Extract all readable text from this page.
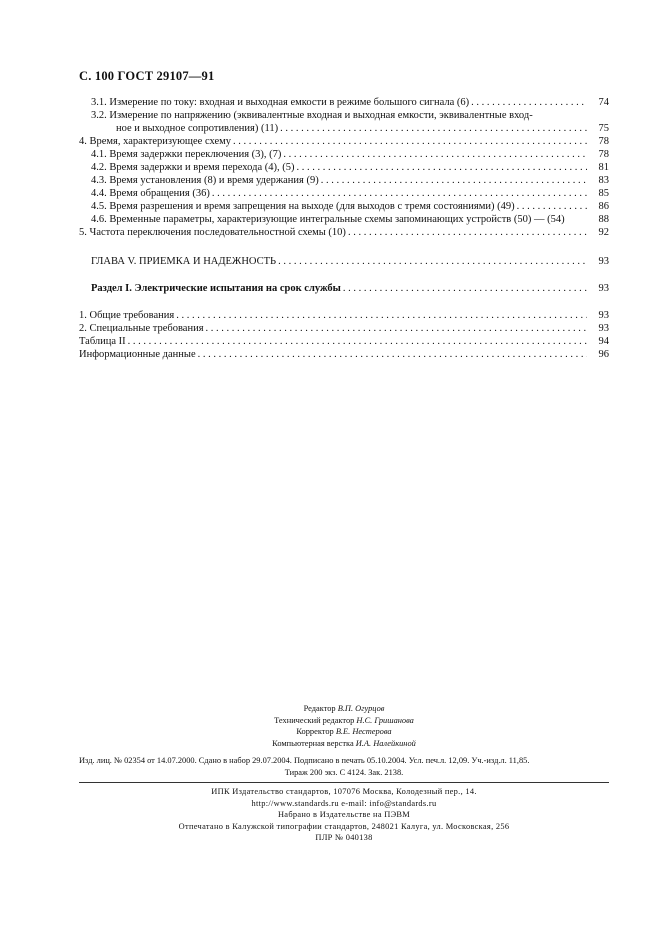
С. 100 ГОСТ 29107—91
3.1. Измерение по току: входная и выходная емкости в режиме большого сигнала (6) . . .	74
3.2. Измерение по напряжению (эквивалентные входная и выходная емкости, эквивалентные вход-
ное и выходное сопротивления) (11) . . .	75
4. Время, характеризующее схему . . .	78
4.1. Время задержки переключения (3), (7) . . .	78
4.2. Время задержки и время перехода (4), (5) . . .	81
4.3. Время установления (8) и время удержания (9) . . .	83
4.4. Время обращения (36) . . .	85
4.5. Время разрешения и время запрещения на выходе (для выходов с тремя состояниями) (49) . . .	86
4.6. Временные параметры, характеризующие интегральные схемы запоминающих устройств (50) — (54)	88
5. Частота переключения последовательностной схемы (10) . . .	92
ГЛАВА V. ПРИЕМКА И НАДЕЖНОСТЬ . . .	93
Раздел I. Электрические испытания на срок службы . . .	93
1. Общие требования . . .	93
2. Специальные требования . . .	93
Таблица II . . .	94
Информационные данные . . .	96
Редактор В.П. Огурцов
Технический редактор Н.С. Гришанова
Корректор В.Е. Нестерова
Компьютерная верстка И.А. Налейкиной
Изд. лиц. № 02354 от 14.07.2000. Сдано в набор 29.07.2004. Подписано в печать 05.10.2004. Усл. печ.л. 12,09. Уч.-изд.л. 11,85.
Тираж 200 экз. С 4124. Зак. 2138.
ИПК Издательство стандартов, 107076 Москва, Колодезный пер., 14.
http://www.standards.ru e-mail: info@standards.ru
Набрано в Издательстве на ПЭВМ
Отпечатано в Калужской типографии стандартов, 248021 Калуга, ул. Московская, 256
ПЛР № 040138
